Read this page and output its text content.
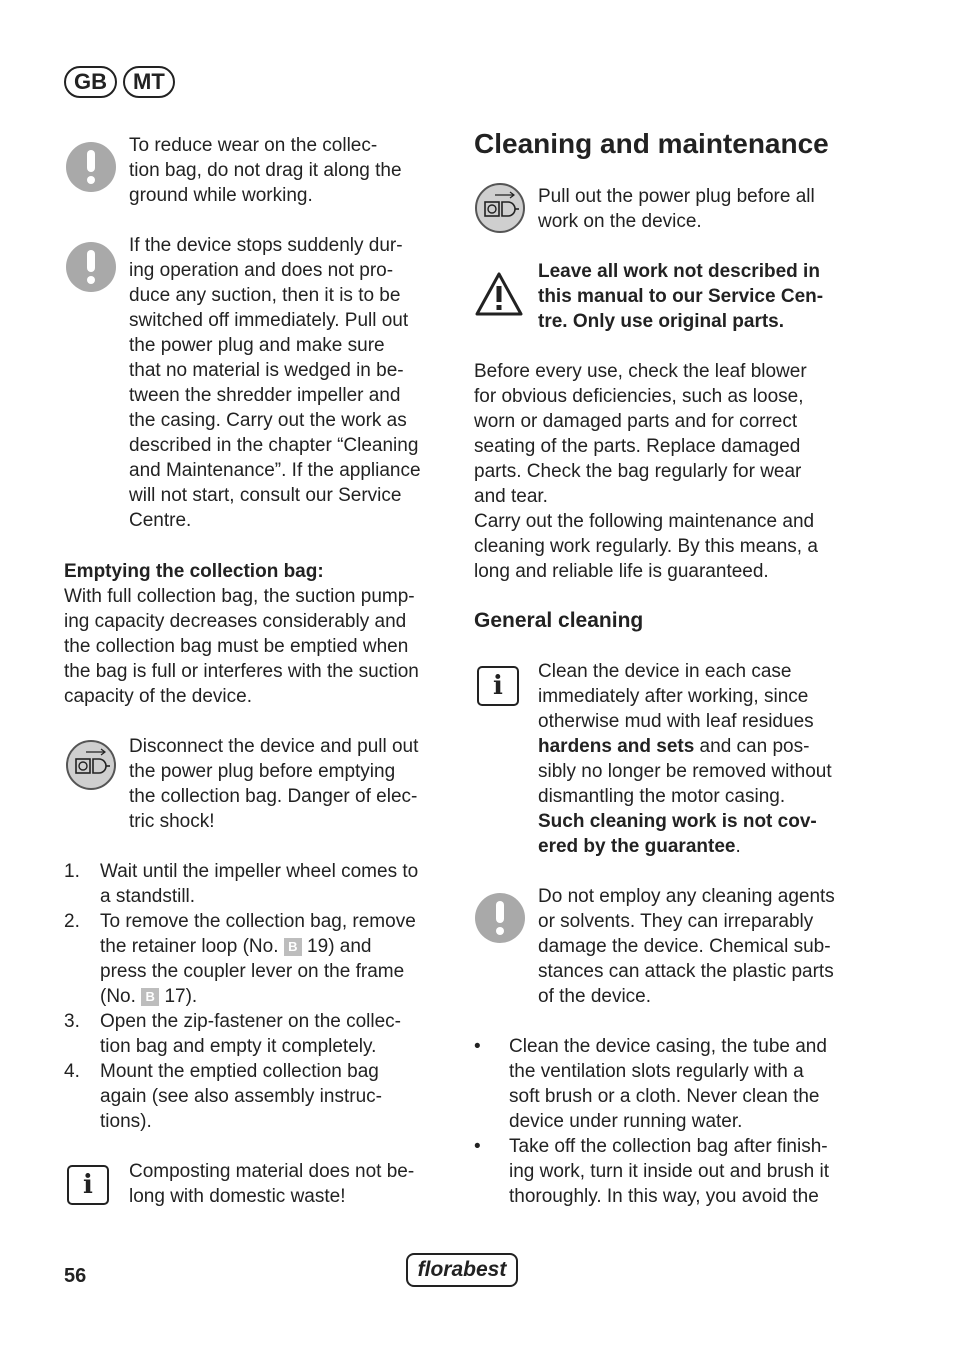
GB	MT

To reduce wear on the collec-
tion bag, do not drag it along the
ground while working.

If the device stops suddenly dur-
ing operation and does not pro-
duce any suction, then it is to be
switched off immediately. Pull out
the power plug and make sure
that no material is wedged in be-
tween the shredder impeller and
the casing. Carry out the work as
described in the chapter “Cleaning
and Maintenance”. If the appliance
will not start, consult our Service
Centre.

Emptying the collection bag:

With full collection bag, the suction pump-
ing capacity decreases considerably and
the collection bag must be emptied when
the bag is full or interferes with the suction
capacity of the device.

Disconnect the device and pull out
the power plug before emptying
the collection bag. Danger of elec-
tric shock!

1. Wait until the impeller wheel comes to
a standstill.

2. To remove the collection bag, remove
the retainer loop (No. B 19) and
press the coupler lever on the frame
(No. B 17).

3. Open the zip-fastener on the collec-
tion bag and empty it completely.

4. Mount the emptied collection bag
again (see also assembly instruc-
tions).

i	Composting material does not be-
long with domestic waste!

Cleaning and maintenance

Pull out the power plug before all
work on the device.

Leave all work not described in
this manual to our Service Cen-
tre. Only use original parts.

Before every use, check the leaf blower
for obvious deficiencies, such as loose,
worn or damaged parts and for correct
seating of the parts. Replace damaged
parts. Check the bag regularly for wear
and tear.
Carry out the following maintenance and
cleaning work regularly. By this means, a
long and reliable life is guaranteed.

General cleaning
i	Clean the device in each case
immediately after working, since
otherwise mud with leaf residues
hardens and sets and can pos-
sibly no longer be removed without
dismantling the motor casing.
Such cleaning work is not cov-
ered by the guarantee.

Do not employ any cleaning agents
or solvents. They can irreparably
damage the device. Chemical sub-
stances can attack the plastic parts
of the device.

• Clean the device casing, the tube and
the ventilation slots regularly with a
soft brush or a cloth. Never clean the
device under running water.

• Take off the collection bag after finish-
ing work, turn it inside out and brush it
thoroughly. In this way, you avoid the

56	florabest
